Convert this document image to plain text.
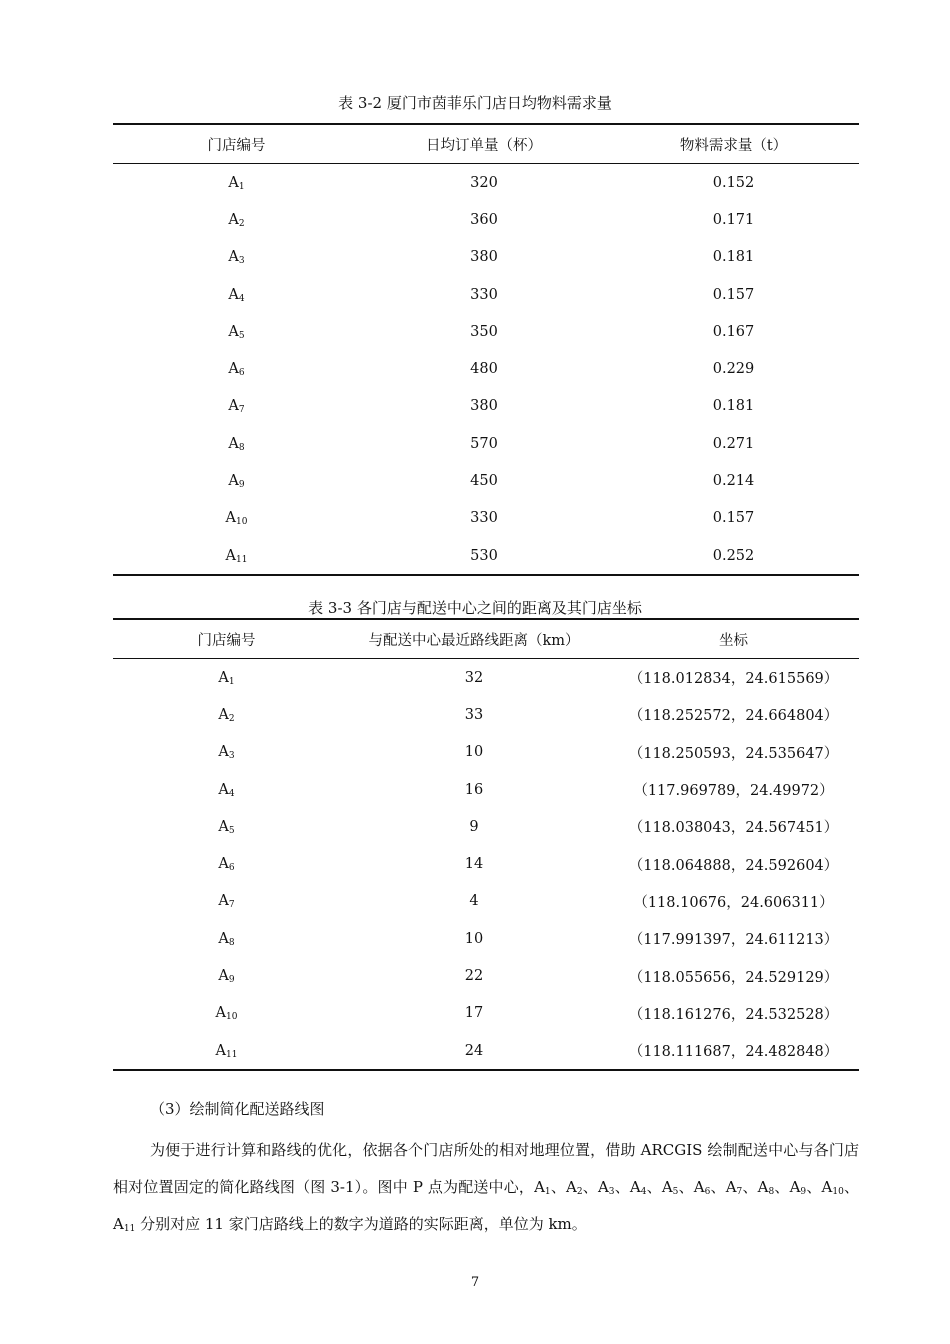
表 3-2 厦门市茵菲乐门店日均物料需求量
门店编号	日均订单量（杯）	物料需求量（t）
$A_1$	320	0.152
$A_2$	360	0.171
$A_3$	380	0.181
$A_4$	330	0.157
$A_5$	350	0.167
$A_6$	480	0.229
$A_7$	380	0.181
$A_8$	570	0.271
$A_9$	450	0.214
$A_{10}$	330	0.157
$A_{11}$	530	0.252
表 3-3 各门店与配送中心之间的距离及其门店坐标
门店编号	与配送中心最近路线距离（km）	坐标
$A_1$	32	（118.012834，24.615569）
$A_2$	33	（118.252572，24.664804）
$A_3$	10	（118.250593，24.535647）
$A_4$	16	（117.969789，24.49972）
$A_5$	9	（118.038043，24.567451）
$A_6$	14	（118.064888，24.592604）
$A_7$	4	（118.10676，24.606311）
$A_8$	10	（117.991397，24.611213）
$A_9$	22	（118.055656，24.529129）
$A_{10}$	17	（118.161276，24.532528）
$A_{11}$	24	（118.111687，24.482848）
（3）绘制简化配送路线图
为便于进行计算和路线的优化，依据各个门店所处的相对地理位置，借助 ARCGIS 绘制配送中心与各门店相对位置固定的简化路线图（图 3-1）。图中 P 点为配送中心，$A_1$、$A_2$、$A_3$、$A_4$、$A_5$、$A_6$、$A_7$、$A_8$、$A_9$、$A_{10}$、$A_{11}$ 分别对应 11 家门店路线上的数字为道路的实际距离，单位为 km。
7
